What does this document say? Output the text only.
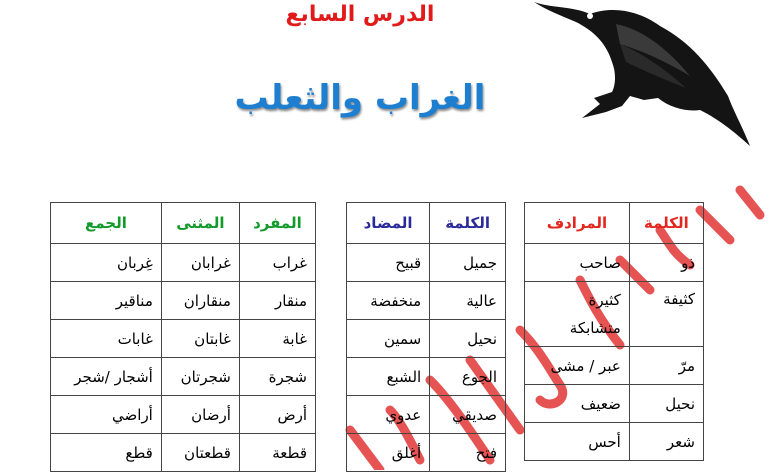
الدرس السابع
الغراب والثعلب
الكلمة	المرادف
ذو	صاحب
كثيفة	كثيرة
متشابكة
مرّ	عبر / مشى
نحيل	ضعيف
شعر	أحس
الكلمة	المضاد
جميل	قبيح
عالية	منخفضة
نحيل	سمين
الجوع	الشبع
صديقي	عدوي
فتح	أغلق
المفرد	المثنى	الجمع
غراب	غرابان	غِربان
منقار	منقاران	مناقير
غابة	غابتان	غابات
شجرة	شجرتان	أشجار /شجر
أرض	أرضان	أراضي
قطعة	قطعتان	قطع
